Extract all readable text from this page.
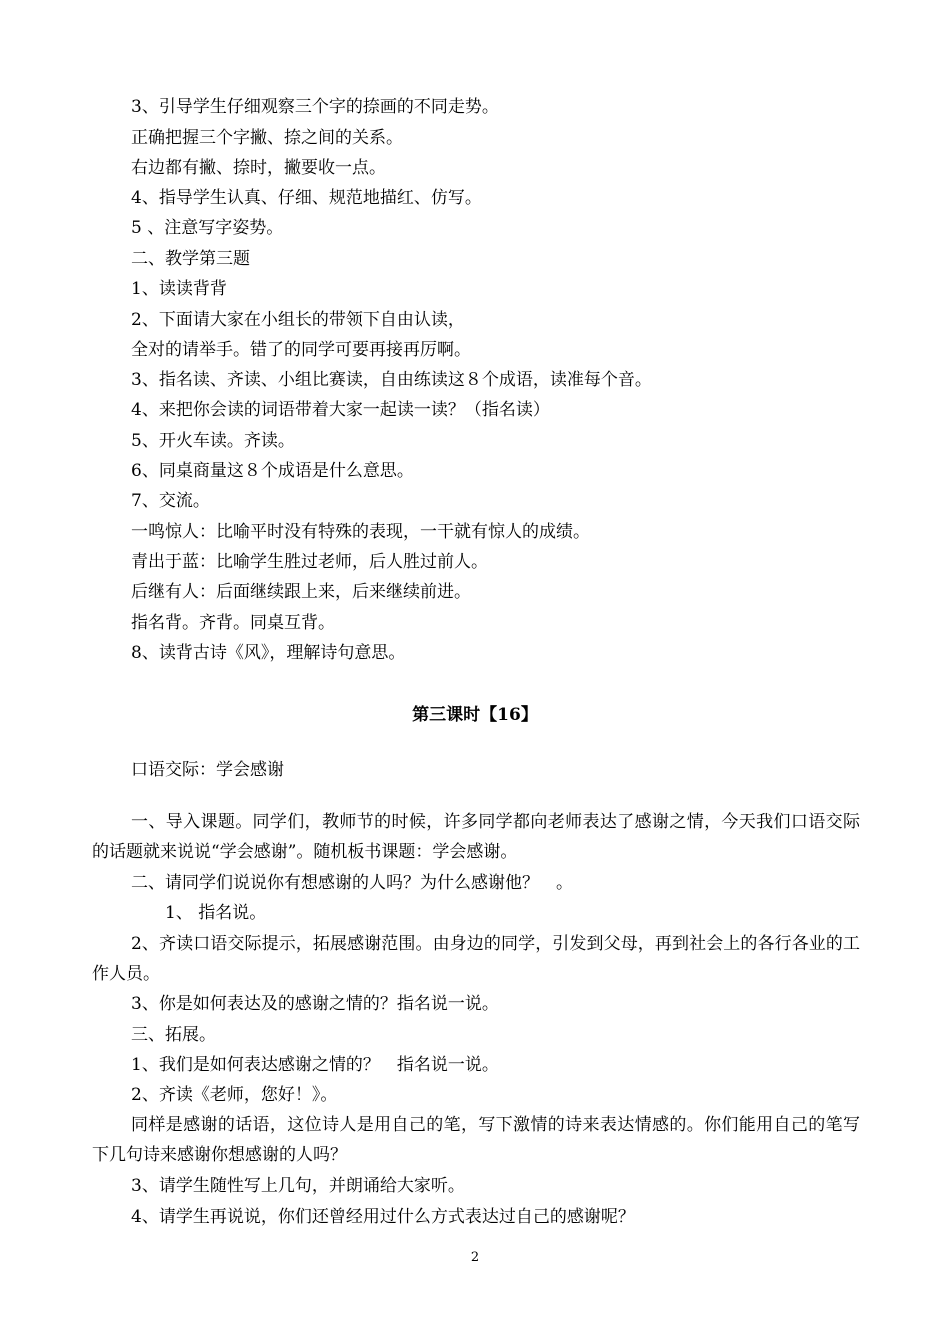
3、引导学生仔细观察三个字的捺画的不同走势。
正确把握三个字撇、捺之间的关系。
右边都有撇、捺时，撇要收一点。
4、指导学生认真、仔细、规范地描红、仿写。
5 、注意写字姿势。
二、教学第三题
1、读读背背
2、下面请大家在小组长的带领下自由认读，
全对的请举手。错了的同学可要再接再厉啊。
3、指名读、齐读、小组比赛读，自由练读这８个成语，读准每个音。
4、来把你会读的词语带着大家一起读一读？（指名读）
5、开火车读。齐读。
6、同桌商量这８个成语是什么意思。
7、交流。
一鸣惊人：比喻平时没有特殊的表现，一干就有惊人的成绩。
青出于蓝：比喻学生胜过老师，后人胜过前人。
后继有人：后面继续跟上来，后来继续前进。
指名背。齐背。同桌互背。
8、读背古诗《风》，理解诗句意思。
第三课时【16】
口语交际：学会感谢
一、导入课题。同学们，教师节的时候，许多同学都向老师表达了感谢之情，今天我们口语交际的话题就来说说“学会感谢”。随机板书课题：学会感谢。
二、请同学们说说你有想感谢的人吗？为什么感谢他？　。
　　1、 指名说。
2、齐读口语交际提示，拓展感谢范围。由身边的同学，引发到父母，再到社会上的各行各业的工作人员。
3、你是如何表达及的感谢之情的？指名说一说。
三、拓展。
1、我们是如何表达感谢之情的？　指名说一说。
2、齐读《老师，您好！》。
同样是感谢的话语，这位诗人是用自己的笔，写下激情的诗来表达情感的。你们能用自己的笔写下几句诗来感谢你想感谢的人吗？
3、请学生随性写上几句，并朗诵给大家听。
4、请学生再说说，你们还曾经用过什么方式表达过自己的感谢呢？
2
